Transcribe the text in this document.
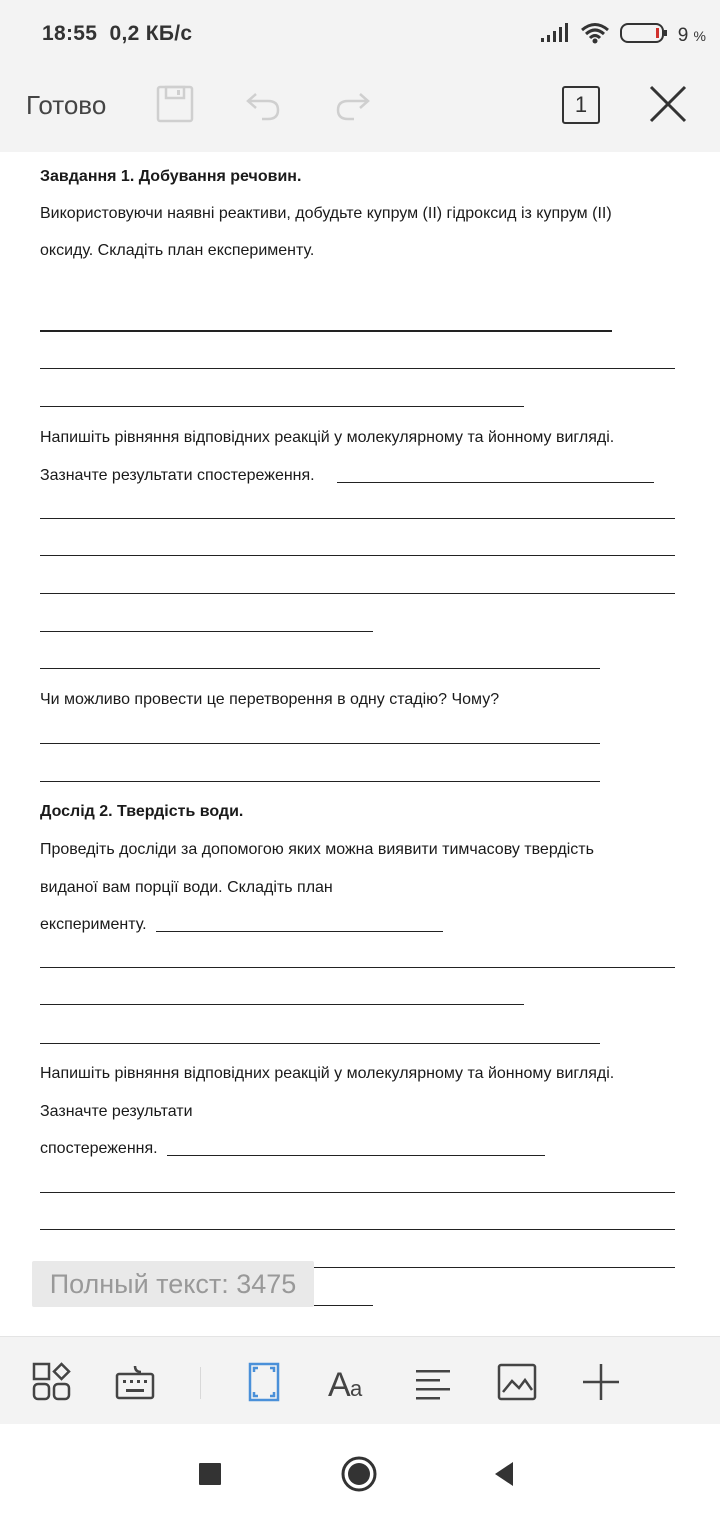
18:55 0,2 КБ/с	9 %
Готово	1
Завдання 1. Добування речовин.
Використовуючи наявні реактиви, добудьте купрум (II) гідроксид із купрум (II)
оксиду. Складіть план експерименту.
Напишіть рівняння відповідних реакцій у молекулярному та йонному вигляді.
Зазначте результати спостереження.
Чи можливо провести це перетворення в одну стадію? Чому?
Дослід 2. Твердість води.
Проведіть досліди за допомогою яких можна виявити тимчасову твердість
виданої вам порції води. Складіть план
експерименту.
Напишіть рівняння відповідних реакцій у молекулярному та йонному вигляді.
Зазначте результати
спостереження.
Полный текст: 3475
A a
